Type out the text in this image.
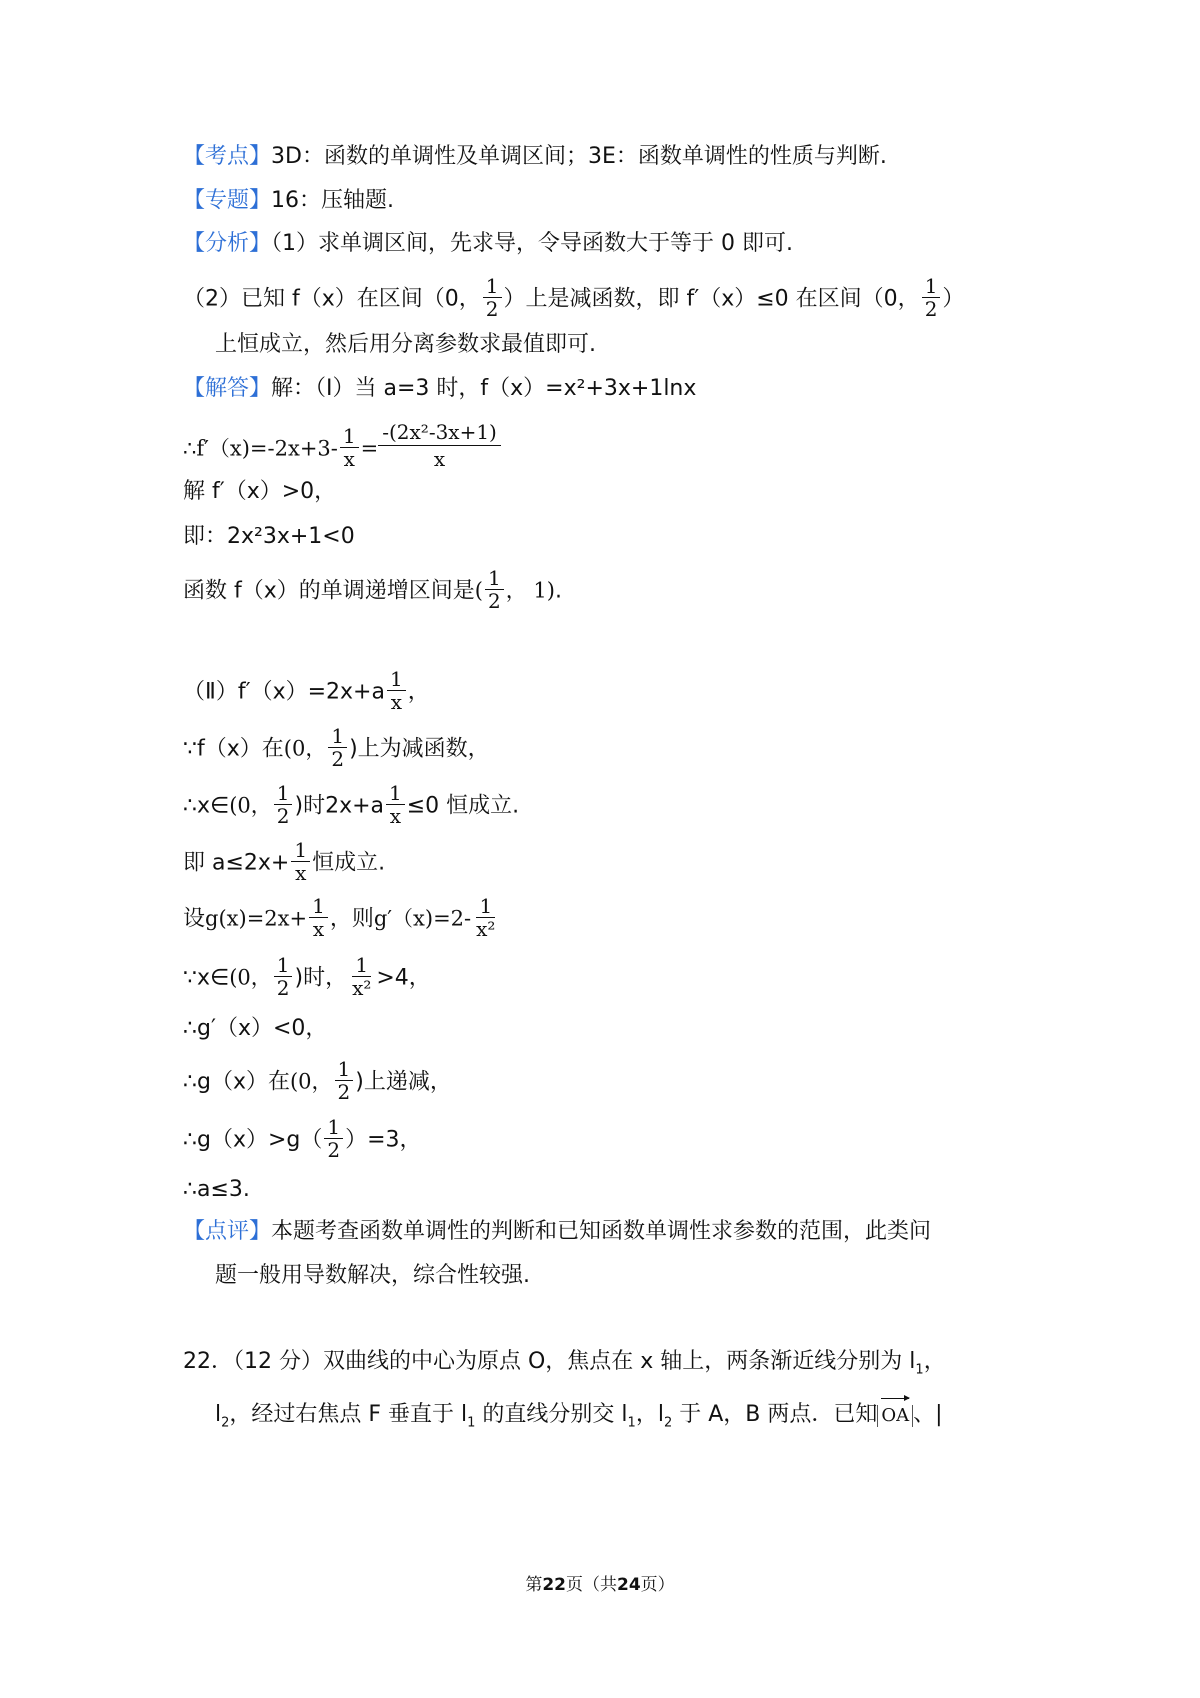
【考点】3D：函数的单调性及单调区间；3E：函数单调性的性质与判断.
【专题】16：压轴题.
【分析】（1）求单调区间，先求导，令导函数大于等于 0 即可.
（2）已知 f（x）在区间（0， $\frac{1}{2}$ ）上是减函数，即 f′（x）≤0 在区间（0， $\frac{1}{2}$ ）
上恒成立，然后用分离参数求最值即可.
【解答】解：（Ⅰ）当 a=3 时，f（x）=x²+3x+1lnx
∴f′（x)=-2x+3- $\frac{1}{x} = \frac{\text{-(2x²-3x+1)}}{x}$
解 f′（x）>0，
即：2x²3x+1<0
函数 f（x）的单调递增区间是( $\frac{1}{2}$ ， 1).
（Ⅱ）f′（x）=2x+a $\frac{1}{x}$ ，
∵f（x）在(0， $\frac{1}{2}$ )上为减函数，
∴x∈(0， $\frac{1}{2}$ )时$2x+a \frac{1}{x} \le 0$ 恒成立.
即 $a\le 2x+ \frac{1}{x}$ 恒成立.
设$g(x)=2x+ \frac{1}{x}$ ，则$g'(x)=2- \frac{1}{\text{x²}}$
∵x∈(0， $\frac{1}{2}$ )时， $\frac{1}{\text{x²}} >4$，
∴g′（x）<0，
∴g（x）在(0， $\frac{1}{2}$ )上递减，
∴g（x）>g（ $\frac{1}{2} )=3$，
∴a≤3.
【点评】本题考查函数单调性的判断和已知函数单调性求参数的范围，此类问
题一般用导数解决，综合性较强.
22．（12 分）双曲线的中心为原点 O，焦点在 x 轴上，两条渐近线分别为 $l_1$，
$l_2$，经过右焦点 F 垂直于 $l_1$ 的直线分别交 $l_1$，$l_2$ 于 A，B 两点．已知 OA 、|
第22页（共24页）
